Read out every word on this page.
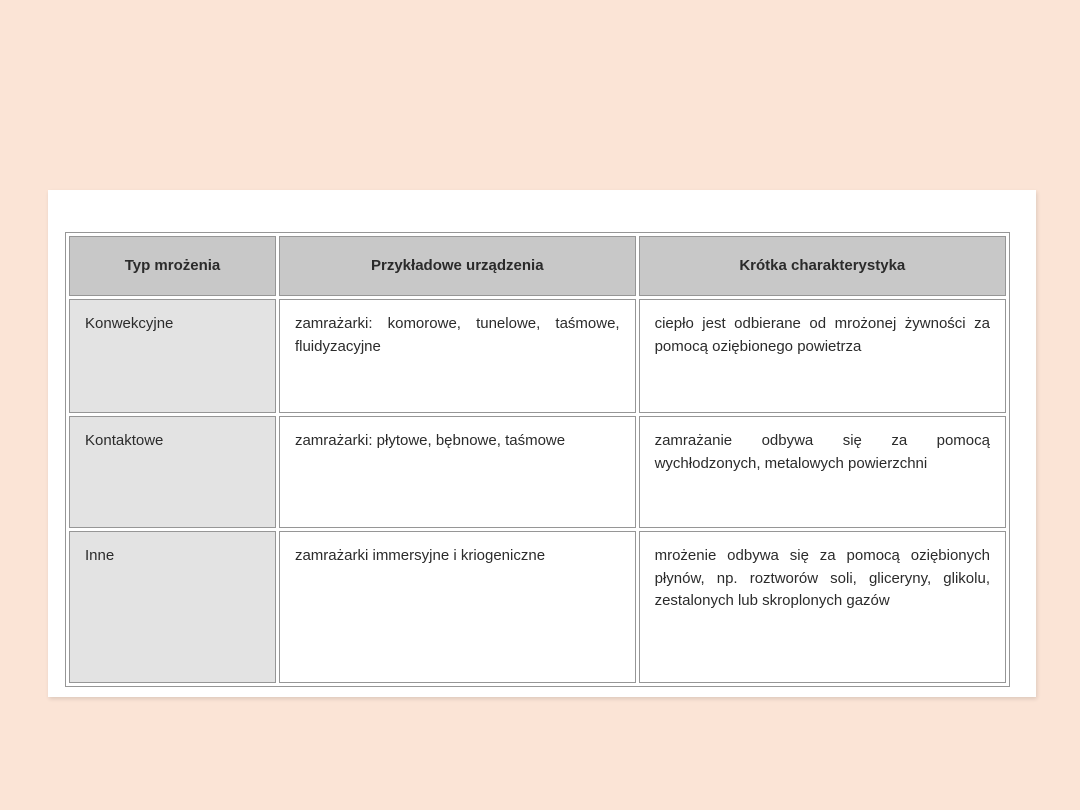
Typ mrożenia	Przykładowe urządzenia	Krótka charakterystyka
Konwekcyjne	zamrażarki: komorowe, tunelowe, taśmowe, fluidyzacyjne	ciepło jest odbierane od mrożonej żywności za pomocą oziębionego powietrza
Kontaktowe	zamrażarki: płytowe, bębnowe, taśmowe	zamrażanie odbywa się za pomocą wychłodzonych, metalowych powierzchni
Inne	zamrażarki immersyjne i kriogeniczne	mrożenie odbywa się za pomocą oziębionych płynów, np. roztworów soli, gliceryny, glikolu, zestalonych lub skroplonych gazów
